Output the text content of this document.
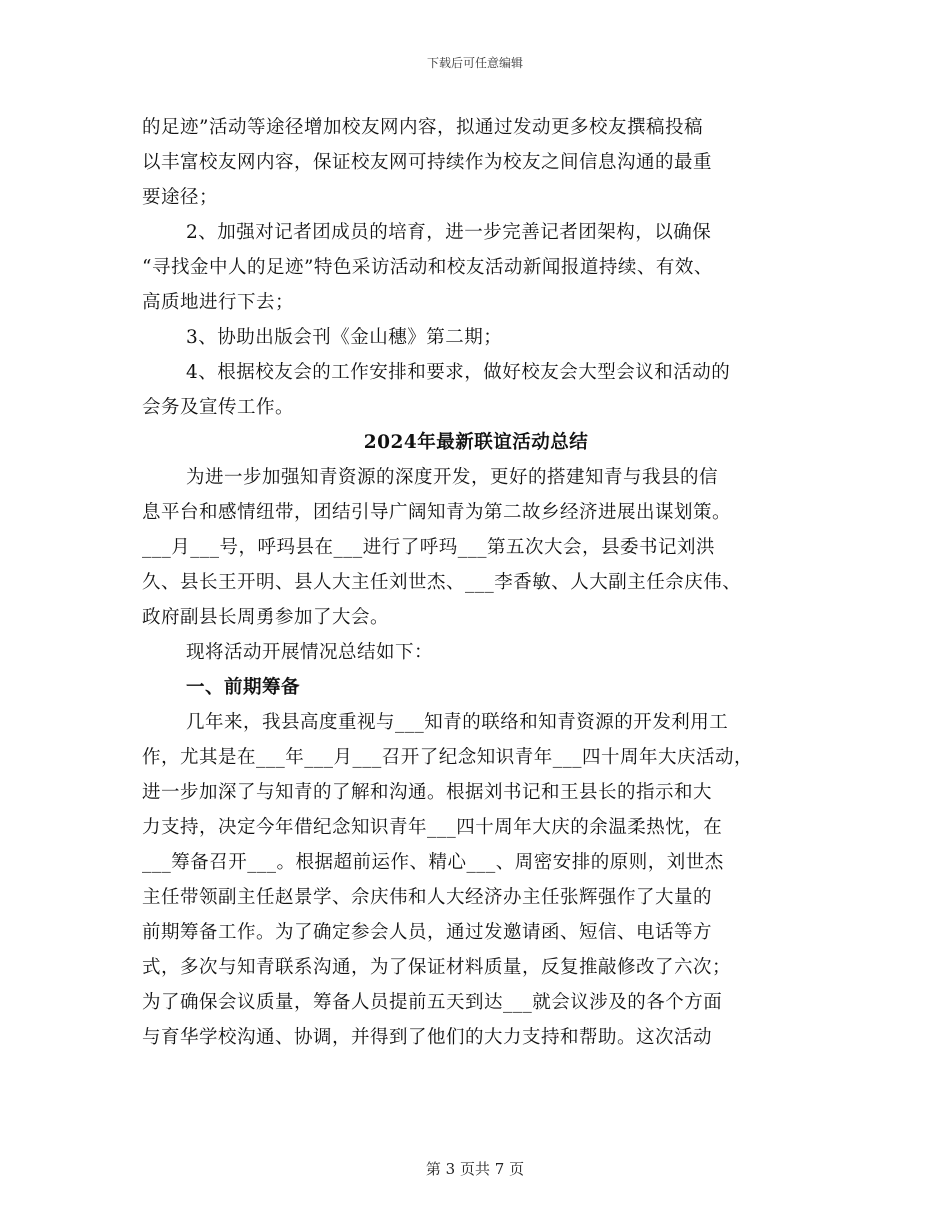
下载后可任意编辑
的足迹”活动等途径增加校友网内容，拟通过发动更多校友撰稿投稿
以丰富校友网内容，保证校友网可持续作为校友之间信息沟通的最重
要途径；
2、加强对记者团成员的培育，进一步完善记者团架构，以确保
“寻找金中人的足迹”特色采访活动和校友活动新闻报道持续、有效、
高质地进行下去；
3、协助出版会刊《金山穗》第二期；
4、根据校友会的工作安排和要求，做好校友会大型会议和活动的
会务及宣传工作。
2024年最新联谊活动总结
为进一步加强知青资源的深度开发，更好的搭建知青与我县的信
息平台和感情纽带，团结引导广阔知青为第二故乡经济进展出谋划策。
___月___号，呼玛县在___进行了呼玛___第五次大会，县委书记刘洪
久、县长王开明、县人大主任刘世杰、___李香敏、人大副主任佘庆伟、
政府副县长周勇参加了大会。
现将活动开展情况总结如下：
一、前期筹备
几年来，我县高度重视与___知青的联络和知青资源的开发利用工
作，尤其是在___年___月___召开了纪念知识青年___四十周年大庆活动，
进一步加深了与知青的了解和沟通。根据刘书记和王县长的指示和大
力支持，决定今年借纪念知识青年___四十周年大庆的余温柔热忱，在
___筹备召开___。根据超前运作、精心___、周密安排的原则，刘世杰
主任带领副主任赵景学、佘庆伟和人大经济办主任张辉强作了大量的
前期筹备工作。为了确定参会人员，通过发邀请函、短信、电话等方
式，多次与知青联系沟通，为了保证材料质量，反复推敲修改了六次；
为了确保会议质量，筹备人员提前五天到达___就会议涉及的各个方面
与育华学校沟通、协调，并得到了他们的大力支持和帮助。这次活动
第 3 页共 7 页
